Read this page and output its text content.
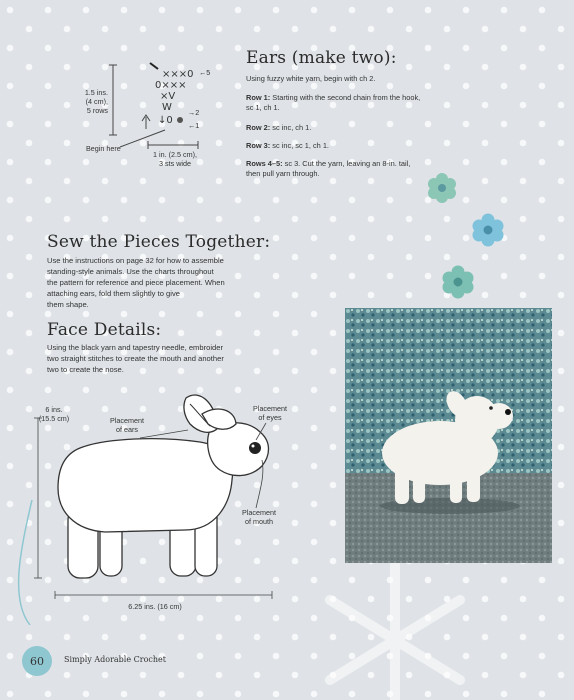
×××0
0×××
×V
W
↓0
←5
→2
←1
1.5 ins.
(4 cm),
5 rows
Begin here
1 in. (2.5 cm),
3 sts wide
Ears (make two):
Using fuzzy white yarn, begin with ch 2.
Row 1: Starting with the second chain from the hook,
sc 1, ch 1.
Row 2: sc inc, ch 1.
Row 3: sc inc, sc 1, ch 1.
Rows 4–5: sc 3. Cut the yarn, leaving an 8-in. tail,
then pull yarn through.
Sew the Pieces Together:
Use the instructions on page 32 for how to assemble
standing-style animals. Use the charts throughout
the pattern for reference and piece placement. When
attaching ears, fold them slightly to give
them shape.
Face Details:
Using the black yarn and tapestry needle, embroider
two straight stitches to create the mouth and another
two to create the nose.
6 ins.
(15.5 cm)	Placement
of ears
Placement
of eyes
Placement
of mouth
6.25 ins. (16 cm)
60	Simply Adorable Crochet
